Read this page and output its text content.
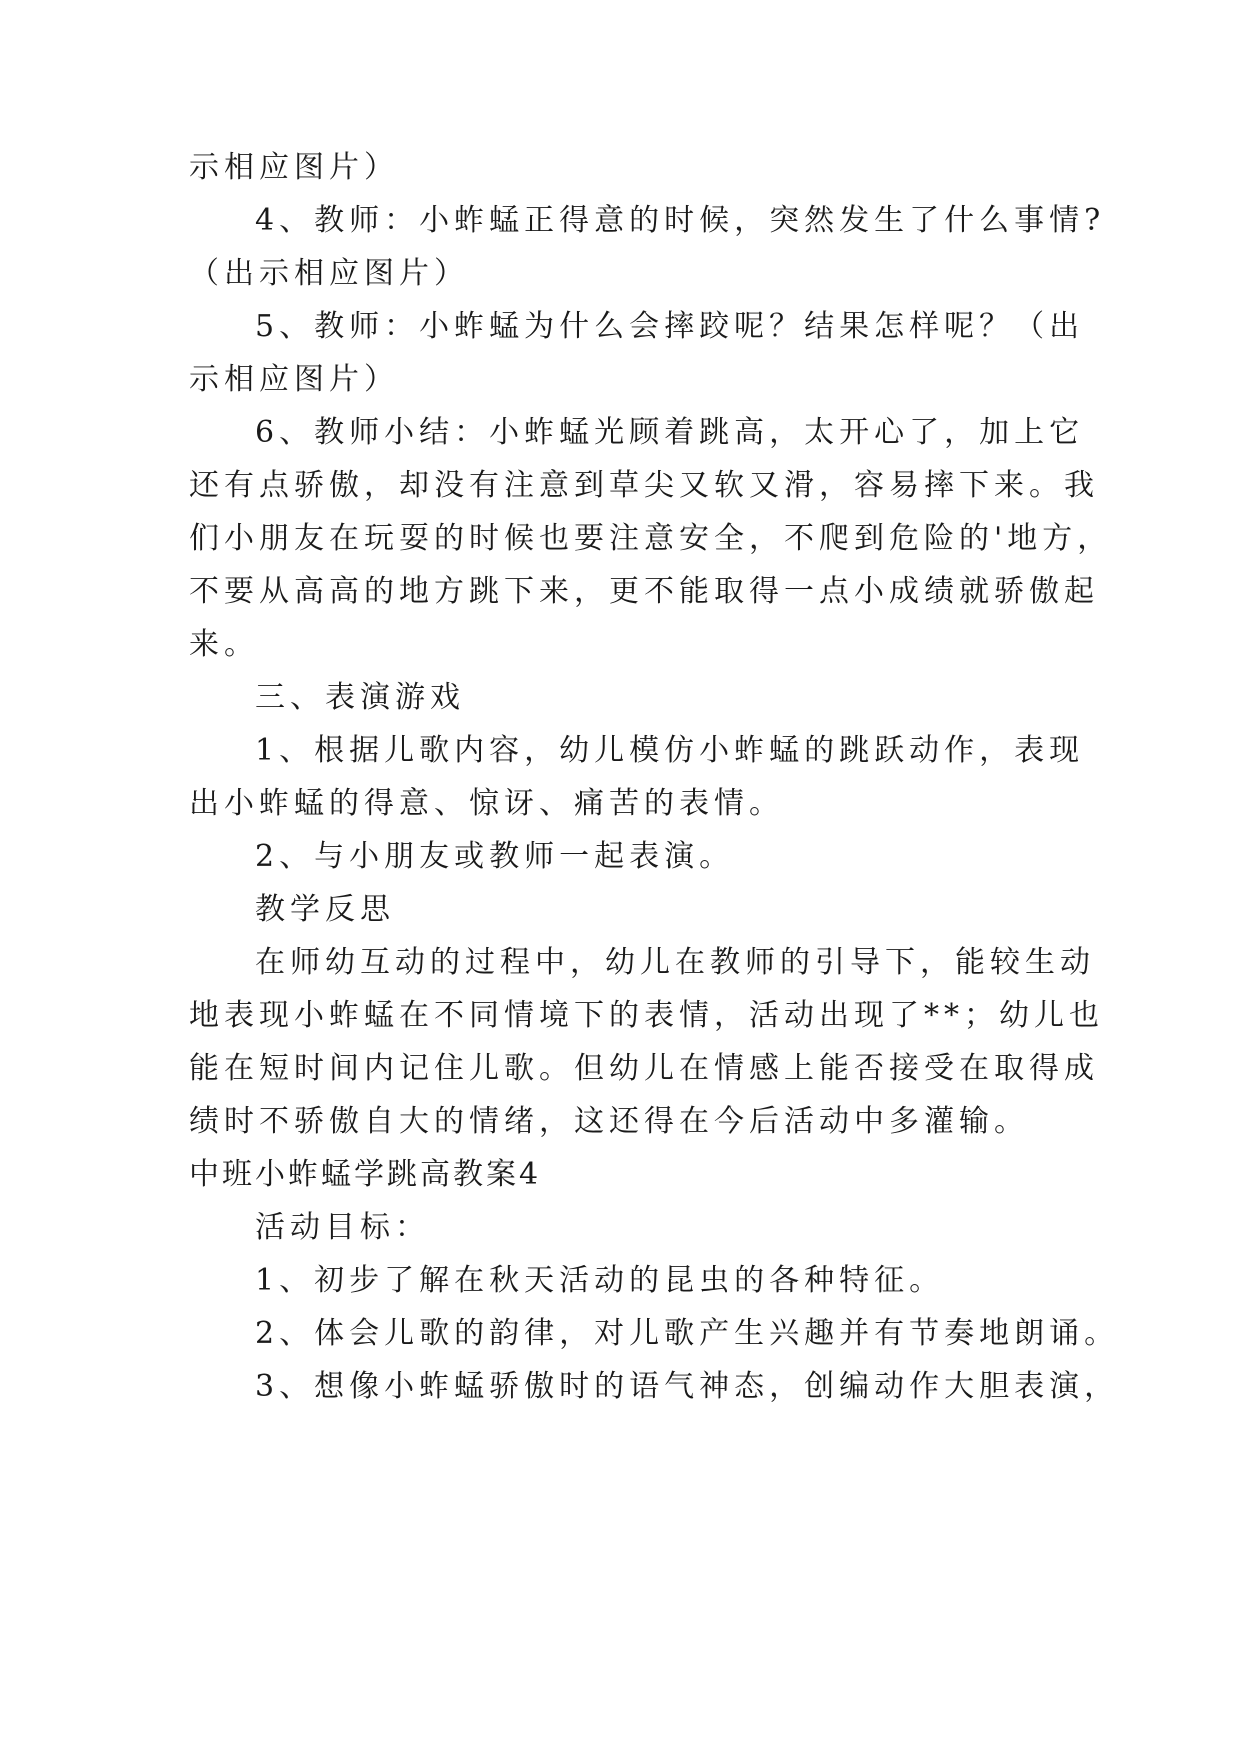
示相应图片）
4、教师：小蚱蜢正得意的时候，突然发生了什么事情?
（出示相应图片）
5、教师：小蚱蜢为什么会摔跤呢？结果怎样呢？（出
示相应图片）
6、教师小结：小蚱蜢光顾着跳高，太开心了，加上它
还有点骄傲，却没有注意到草尖又软又滑，容易摔下来。我
们小朋友在玩耍的时候也要注意安全，不爬到危险的'地方，
不要从高高的地方跳下来，更不能取得一点小成绩就骄傲起
来。
三、表演游戏
1、根据儿歌内容，幼儿模仿小蚱蜢的跳跃动作，表现
出小蚱蜢的得意、惊讶、痛苦的表情。
2、与小朋友或教师一起表演。
教学反思
在师幼互动的过程中，幼儿在教师的引导下，能较生动
地表现小蚱蜢在不同情境下的表情，活动出现了**；幼儿也
能在短时间内记住儿歌。但幼儿在情感上能否接受在取得成
绩时不骄傲自大的情绪，这还得在今后活动中多灌输。
中班小蚱蜢学跳高教案4
活动目标：
1、初步了解在秋天活动的昆虫的各种特征。
2、体会儿歌的韵律，对儿歌产生兴趣并有节奏地朗诵。
3、想像小蚱蜢骄傲时的语气神态，创编动作大胆表演，
